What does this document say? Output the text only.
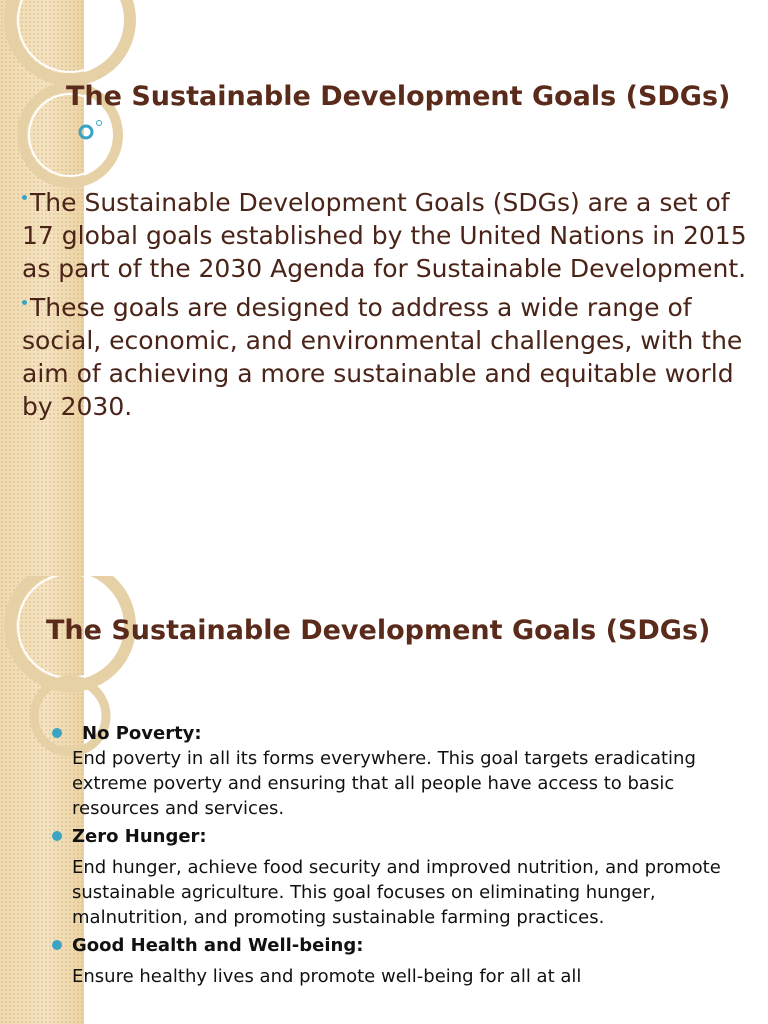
The Sustainable Development Goals (SDGs)

The Sustainable Development Goals (SDGs) are a set of 17 global goals established by the United Nations in 2015 as part of the 2030 Agenda for Sustainable Development.

These goals are designed to address a wide range of social, economic, and environmental challenges, with the aim of achieving a more sustainable and equitable world by 2030.

The Sustainable Development Goals (SDGs)
No Poverty:
End poverty in all its forms everywhere. This goal targets eradicating extreme poverty and ensuring that all people have access to basic resources and services.
Zero Hunger:
End hunger, achieve food security and improved nutrition, and promote sustainable agriculture. This goal focuses on eliminating hunger, malnutrition, and promoting sustainable farming practices.
Good Health and Well-being:
Ensure healthy lives and promote well-being for all at all
